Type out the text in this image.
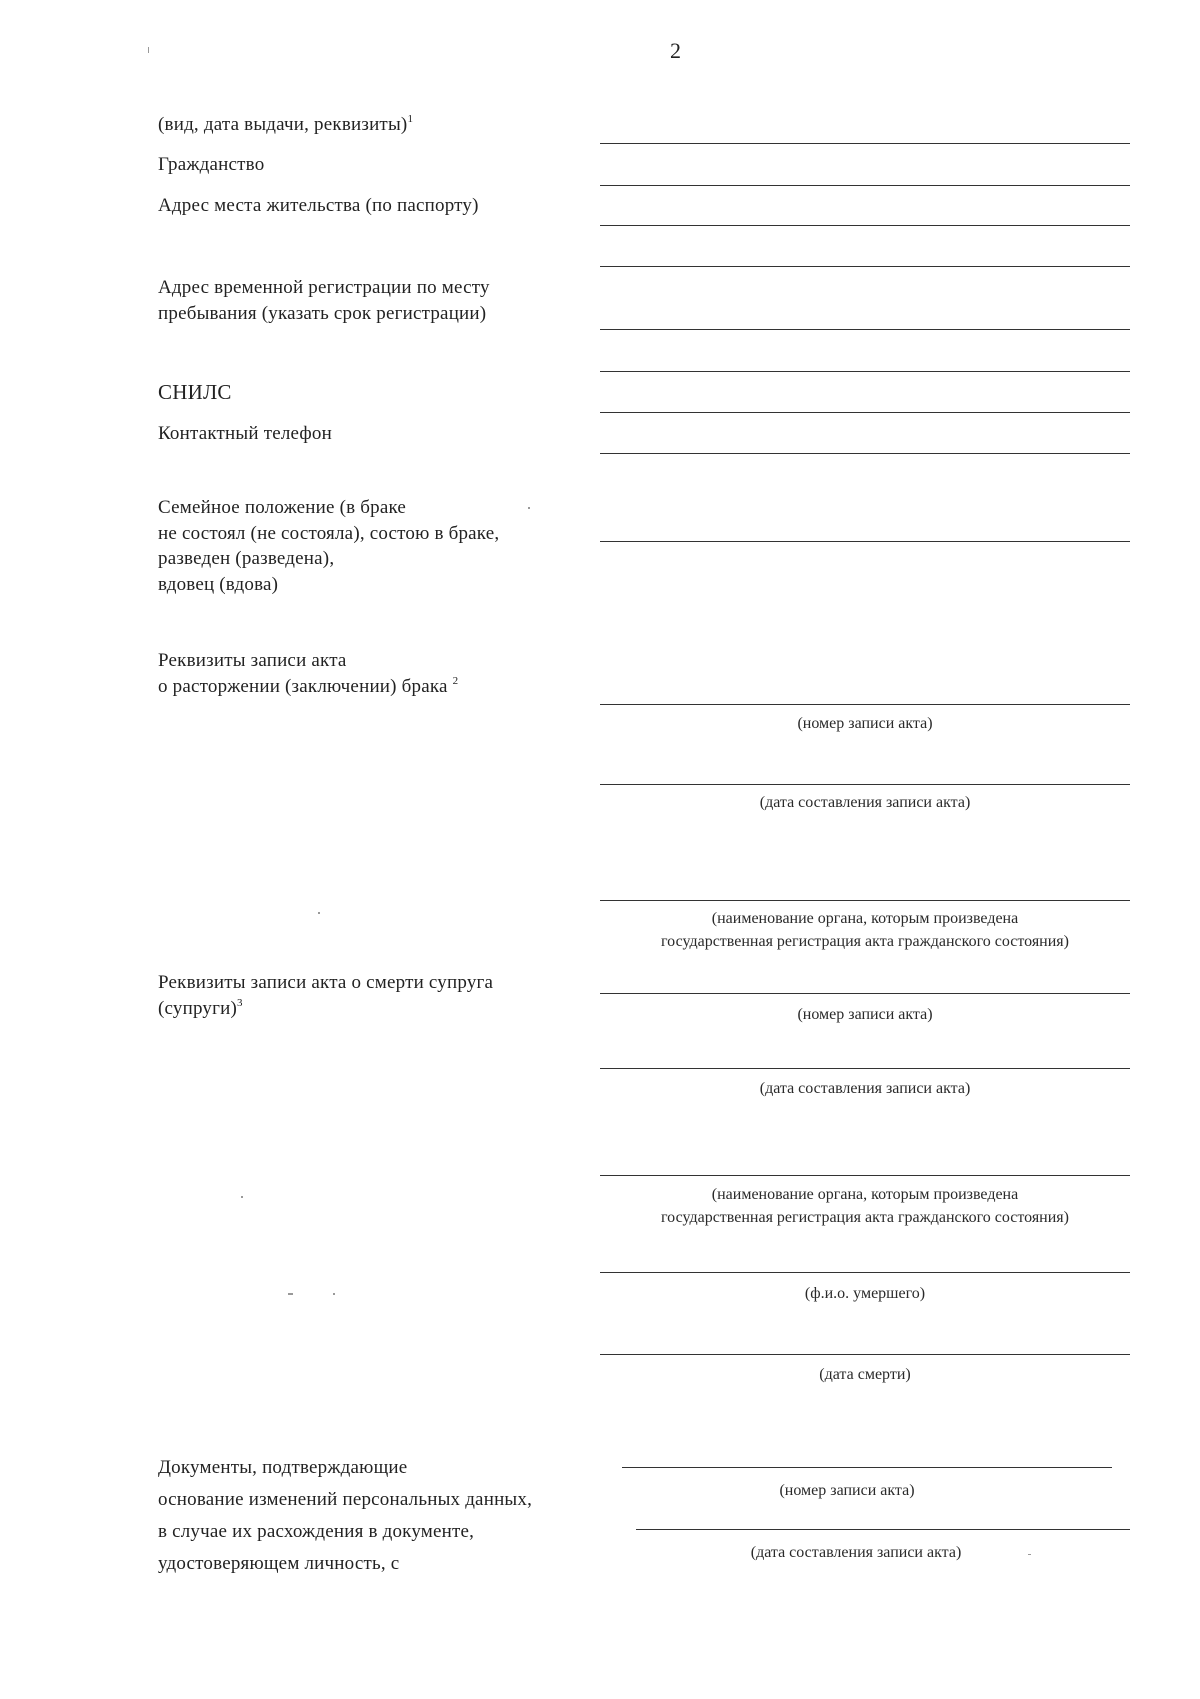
2
(вид, дата выдачи, реквизиты)$^1$
Гражданство
Адрес места жительства (по паспорту)
Адрес временной регистрации по месту
пребывания (указать срок регистрации)
СНИЛС
Контактный телефон
Семейное положение (в браке
не состоял (не состояла), состою в браке,
разведен (разведена),
вдовец (вдова)
Реквизиты записи акта
о расторжении (заключении) брака $^2$
Реквизиты записи акта о смерти супруга
(супруги)$^3$
Документы, подтверждающие
основание изменений персональных данных,
в случае их расхождения в документе,
удостоверяющем личность, с
(номер записи акта)
(дата составления записи акта)
(наименование органа, которым произведена
государственная регистрация акта гражданского состояния)
(номер записи акта)
(дата составления записи акта)
(наименование органа, которым произведена
государственная регистрация акта гражданского состояния)
(ф.и.о. умершего)
(дата смерти)
(номер записи акта)
(дата составления записи акта)
